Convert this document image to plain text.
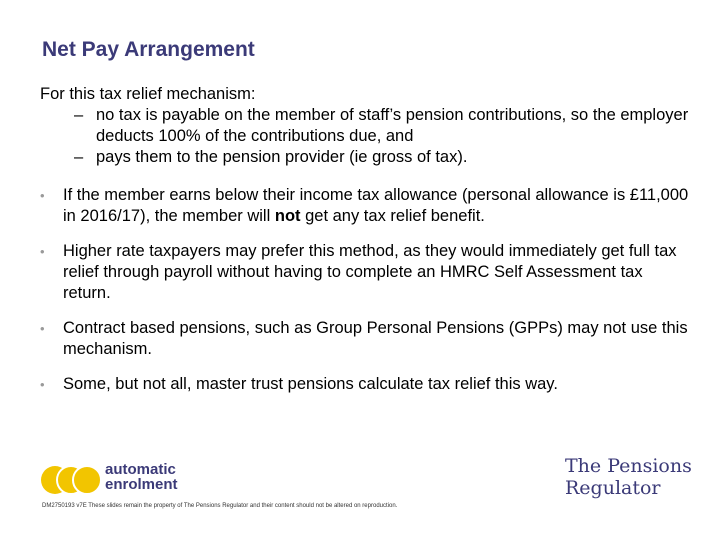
Net Pay Arrangement

For this tax relief mechanism:

– no tax is payable on the member of staff’s pension contributions, so the employer deducts 100% of the contributions due, and

– pays them to the pension provider (ie gross of tax).

• If the member earns below their income tax allowance (personal allowance is £11,000 in 2016/17), the member will not get any tax relief benefit.
• Higher rate taxpayers may prefer this method, as they would immediately get full tax relief through payroll without having to complete an HMRC Self Assessment tax return.
• Contract based pensions, such as Group Personal Pensions (GPPs) may not use this mechanism.
• Some, but not all, master trust pensions calculate tax relief this way.
automatic
enrolment
The Pensions
Regulator
DM2750193 v7E These slides remain the property of The Pensions Regulator and their content should not be altered on reproduction.
